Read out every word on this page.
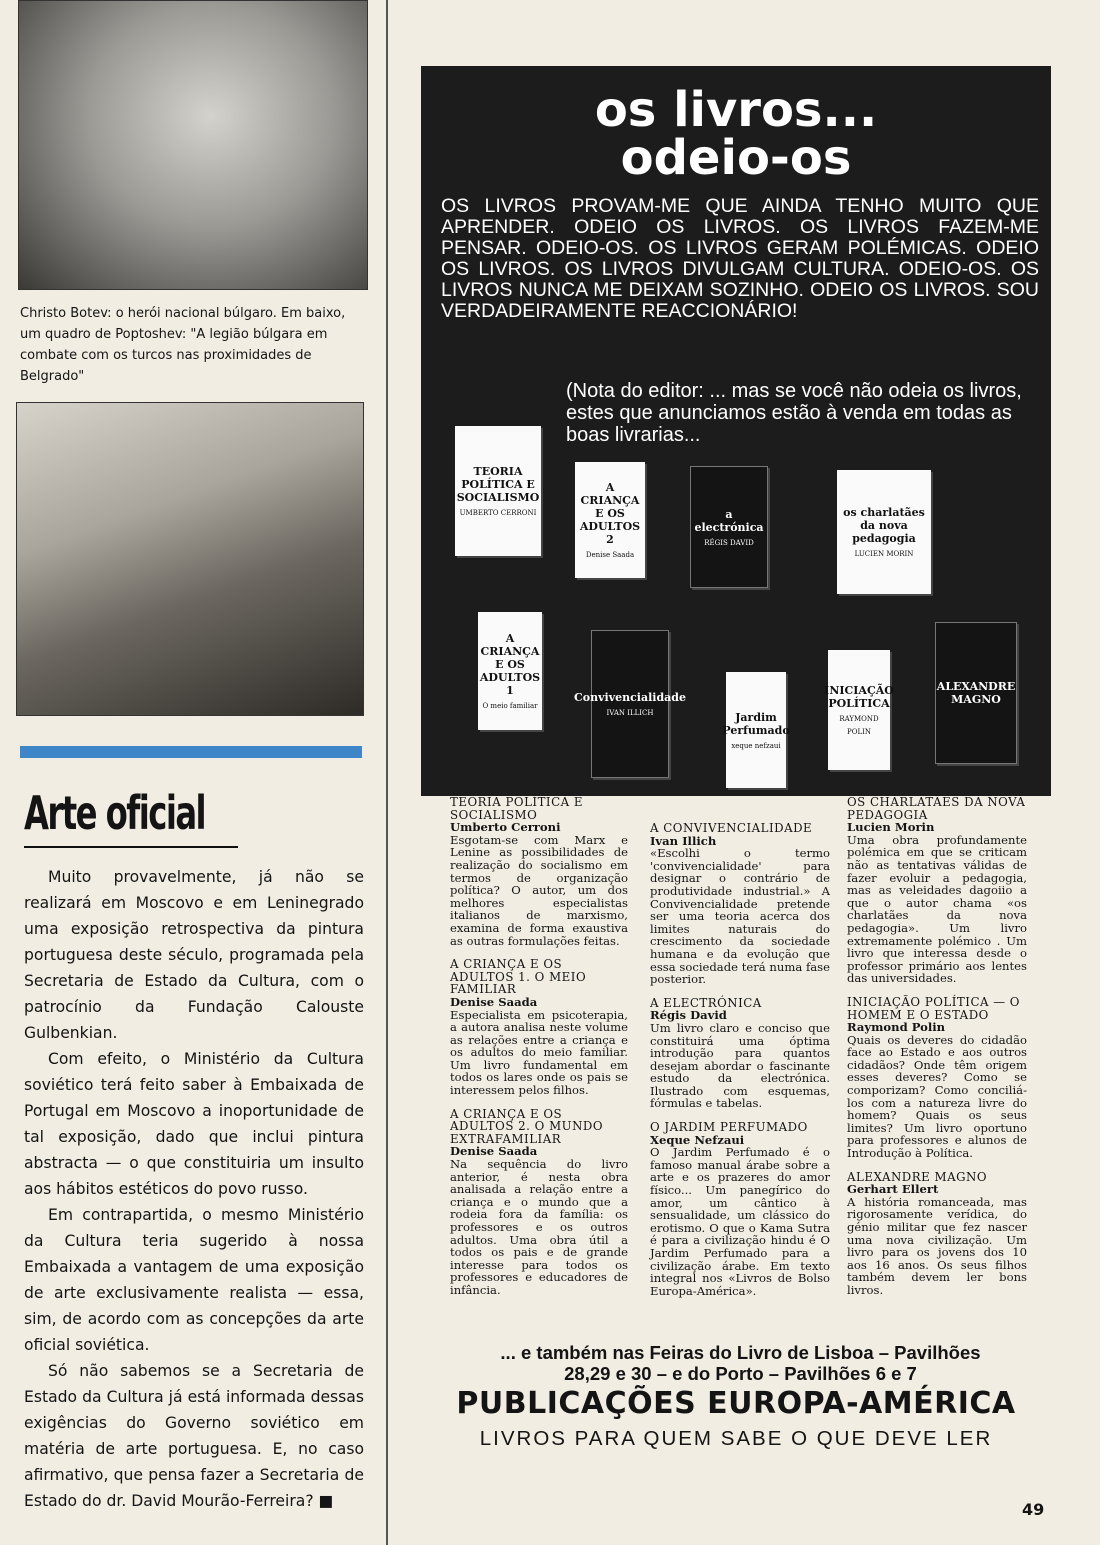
Christo Botev: o herói nacional búlgaro. Em baixo, um quadro de Poptoshev: "A legião búlgara em combate com os turcos nas proximidades de Belgrado"
Arte oficial

Muito provavelmente, já não se realizará em Moscovo e em Leninegrado uma exposição retrospectiva da pintura portuguesa deste século, programada pela Secretaria de Estado da Cultura, com o patrocínio da Fundação Calouste Gulbenkian.

Com efeito, o Ministério da Cultura soviético terá feito saber à Embaixada de Portugal em Moscovo a inoportunidade de tal exposição, dado que inclui pintura abstracta — o que constituiria um insulto aos hábitos estéticos do povo russo.

Em contrapartida, o mesmo Ministério da Cultura teria sugerido à nossa Embaixada a vantagem de uma exposição de arte exclusivamente realista — essa, sim, de acordo com as concepções da arte oficial soviética.

Só não sabemos se a Secretaria de Estado da Cultura já está informada dessas exigências do Governo soviético em matéria de arte portuguesa. E, no caso afirmativo, que pensa fazer a Secretaria de Estado do dr. David Mourão-Ferreira? ■

os livros...
odeio-os
OS LIVROS PROVAM-ME QUE AINDA TENHO MUITO QUE APRENDER. ODEIO OS LIVROS. OS LIVROS FAZEM-ME PENSAR. ODEIO-OS. OS LIVROS GERAM POLÉMICAS. ODEIO OS LIVROS. OS LIVROS DIVULGAM CULTURA. ODEIO-OS. OS LIVROS NUNCA ME DEIXAM SOZINHO. ODEIO OS LIVROS. SOU VERDADEIRAMENTE REACCIONÁRIO!
(Nota do editor: ... mas se você não odeia os livros, estes que anunciamos estão à venda em todas as boas livrarias...
TEORIA POLÍTICA E SOCIALISMO
UMBERTO CERRONI
A CRIANÇA E OS ADULTOS 2
Denise Saada
a electrónica
RÉGIS DAVID
os charlatães da nova pedagogia
LUCIEN MORIN
A CRIANÇA E OS ADULTOS 1
O meio familiar
Convivencialidade
IVAN ILLICH	Jardim Perfumado
xeque nefzaui
INICIAÇÃO POLÍTICA
RAYMOND POLIN
ALEXANDRE MAGNO
TEORIA POLÍTICA E SOCIALISMO
Umberto Cerroni
Esgotam-se com Marx e Lenine as possibilidades de realização do socialismo em termos de organização política? O autor, um dos melhores especialistas italianos de marxismo, examina de forma exaustiva as outras formulações feitas.
A CRIANÇA E OS ADULTOS 1. O MEIO FAMILIAR
Denise Saada
Especialista em psicoterapia, a autora analisa neste volume as relações entre a criança e os adultos do meio familiar. Um livro fundamental em todos os lares onde os pais se interessem pelos filhos.
A CRIANÇA E OS ADULTOS 2. O MUNDO EXTRAFAMILIAR
Denise Saada
Na sequência do livro anterior, é nesta obra analisada a relação entre a criança e o mundo que a rodeia fora da família: os professores e os outros adultos. Uma obra útil a todos os pais e de grande interesse para todos os professores e educadores de infância.
A CONVIVENCIALIDADE
Ivan Illich
«Escolhi o termo 'convivencialidade' para designar o contrário de produtividade industrial.» A Convivencialidade pretende ser uma teoria acerca dos limites naturais do crescimento da sociedade humana e da evolução que essa sociedade terá numa fase posterior.
A ELECTRÓNICA
Régis David
Um livro claro e conciso que constituirá uma óptima introdução para quantos desejam abordar o fascinante estudo da electrónica. Ilustrado com esquemas, fórmulas e tabelas.
O JARDIM PERFUMADO
Xeque Nefzaui
O Jardim Perfumado é o famoso manual árabe sobre a arte e os prazeres do amor físico... Um panegírico do amor, um cântico à sensualidade, um clássico do erotismo. O que o Kama Sutra é para a civilização hindu é O Jardim Perfumado para a civilização árabe. Em texto integral nos «Livros de Bolso Europa-América».
OS CHARLATÃES DA NOVA PEDAGOGIA
Lucien Morin
Uma obra profundamente polémica em que se criticam não as tentativas válidas de fazer evoluir a pedagogia, mas as veleidades dagoiio a que o autor chama «os charlatães da nova pedagogia». Um livro extremamente polémico . Um livro que interessa desde o professor primário aos lentes das universidades.
INICIAÇÃO POLÍTICA — O HOMEM E O ESTADO
Raymond Polin
Quais os deveres do cidadão face ao Estado e aos outros cidadãos? Onde têm origem esses deveres? Como se comporizam? Como conciliá-los com a natureza livre do homem? Quais os seus limites? Um livro oportuno para professores e alunos de Introdução à Política.
ALEXANDRE MAGNO
Gerhart Ellert
A história romanceada, mas rigorosamente verídica, do génio militar que fez nascer uma nova civilização. Um livro para os jovens dos 10 aos 16 anos. Os seus filhos também devem ler bons livros.
... e também nas Feiras do Livro de Lisboa – Pavilhões
28,29 e 30 – e do Porto – Pavilhões 6 e 7
PUBLICAÇÕES EUROPA-AMÉRICA
LIVROS PARA QUEM SABE O QUE DEVE LER
49
